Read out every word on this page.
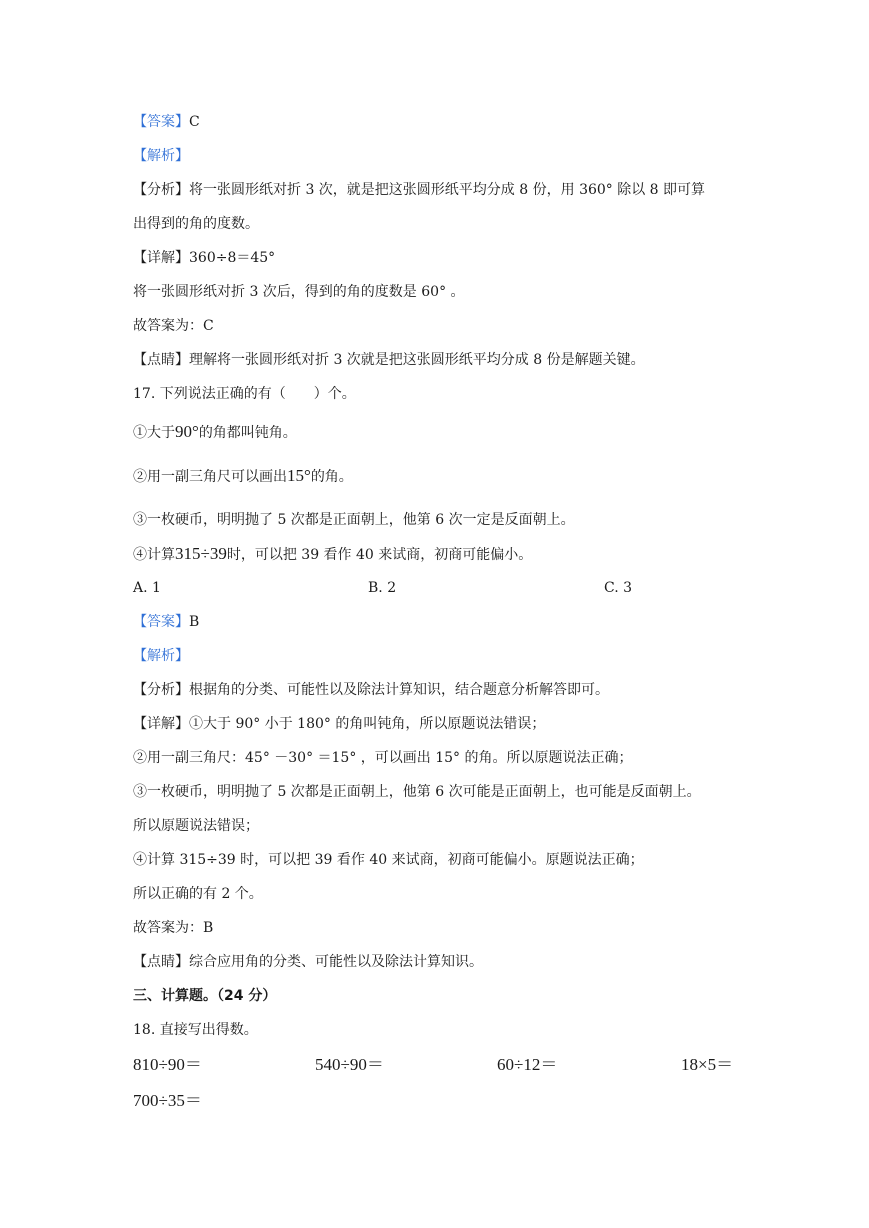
【答案】C
【解析】
【分析】将一张圆形纸对折 3 次，就是把这张圆形纸平均分成 8 份，用 360° 除以 8 即可算
出得到的角的度数。
【详解】360÷8＝45°
将一张圆形纸对折 3 次后，得到的角的度数是 60° 。
故答案为：C
【点睛】理解将一张圆形纸对折 3 次就是把这张圆形纸平均分成 8 份是解题关键。
17. 下列说法正确的有（　　）个。
①大于90°的角都叫钝角。
②用一副三角尺可以画出15°的角。
③一枚硬币，明明抛了 5 次都是正面朝上，他第 6 次一定是反面朝上。
④计算315÷39时，可以把 39 看作 40 来试商，初商可能偏小。
A. 1	B. 2	C. 3
【答案】B
【解析】
【分析】根据角的分类、可能性以及除法计算知识，结合题意分析解答即可。
【详解】①大于 90° 小于 180° 的角叫钝角，所以原题说法错误；
②用一副三角尺：45° －30° ＝15° ，可以画出 15° 的角。所以原题说法正确；
③一枚硬币，明明抛了 5 次都是正面朝上，他第 6 次可能是正面朝上，也可能是反面朝上。
所以原题说法错误；
④计算 315÷39 时，可以把 39 看作 40 来试商，初商可能偏小。原题说法正确；
所以正确的有 2 个。
故答案为：B
【点睛】综合应用角的分类、可能性以及除法计算知识。
三、计算题。（24 分）
18. 直接写出得数。
810÷90＝	540÷90＝	60÷12＝	18×5＝
700÷35＝
